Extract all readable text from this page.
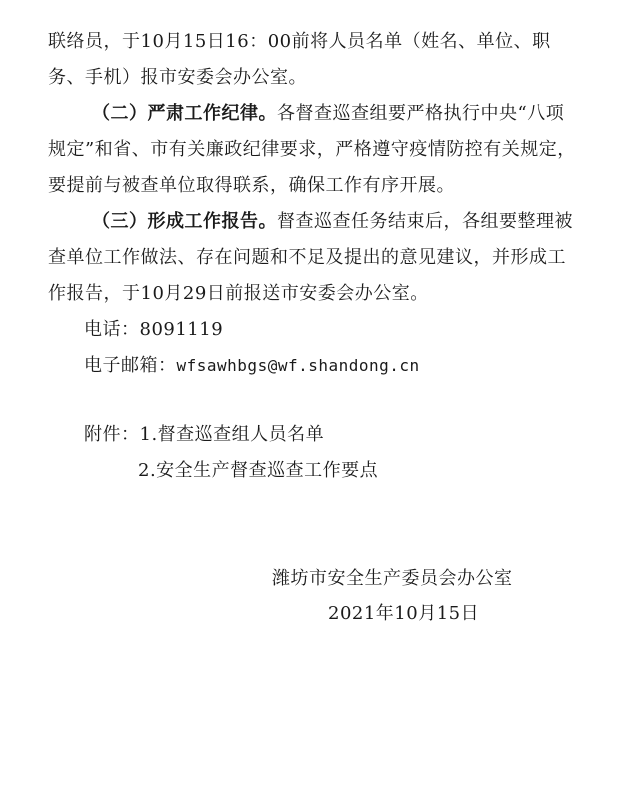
联络员，于10月15日16：00前将人员名单（姓名、单位、职
务、手机）报市安委会办公室。
（二）严肃工作纪律。各督查巡查组要严格执行中央“八项
规定”和省、市有关廉政纪律要求，严格遵守疫情防控有关规定，
要提前与被查单位取得联系，确保工作有序开展。
（三）形成工作报告。督查巡查任务结束后，各组要整理被
查单位工作做法、存在问题和不足及提出的意见建议，并形成工
作报告，于10月29日前报送市安委会办公室。
电话：8091119
电子邮箱：wfsawhbgs@wf.shandong.cn
附件：1.督查巡查组人员名单
2.安全生产督查巡查工作要点
潍坊市安全生产委员会办公室
2021年10月15日
